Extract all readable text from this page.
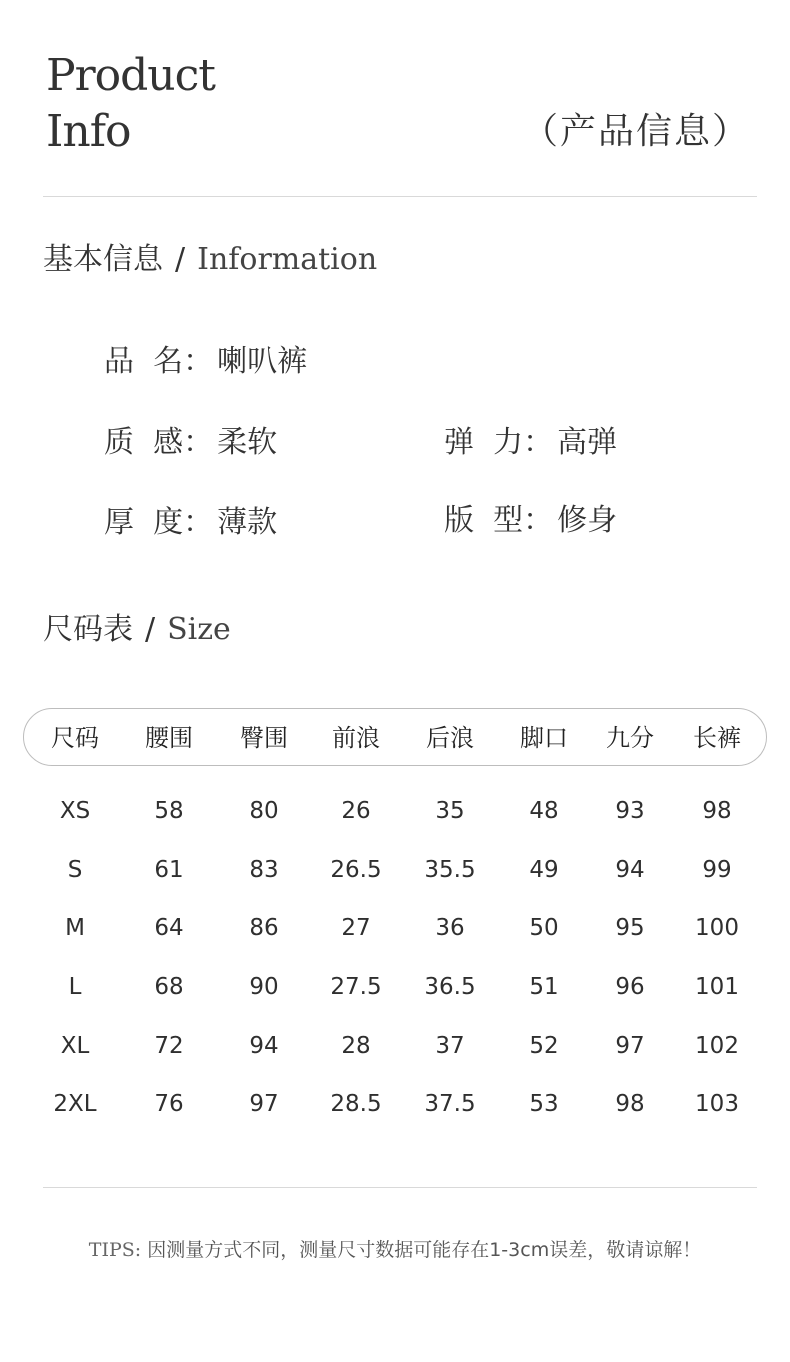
Product
Info	（产品信息）
基本信息 / Information
品  名： 喇叭裤
质  感： 柔软	弹  力： 高弹
厚  度： 薄款	版  型： 修身
尺码表 / Size
尺码	腰围	臀围	前浪	后浪	脚口	九分	长裤
XS	58	80	26	35	48	93	98
S	61	83	26.5	35.5	49	94	99
M	64	86	27	36	50	95	100
L	68	90	27.5	36.5	51	96	101
XL	72	94	28	37	52	97	102
2XL	76	97	28.5	37.5	53	98	103
TIPS: 因测量方式不同，测量尺寸数据可能存在1-3cm误差，敬请谅解！
